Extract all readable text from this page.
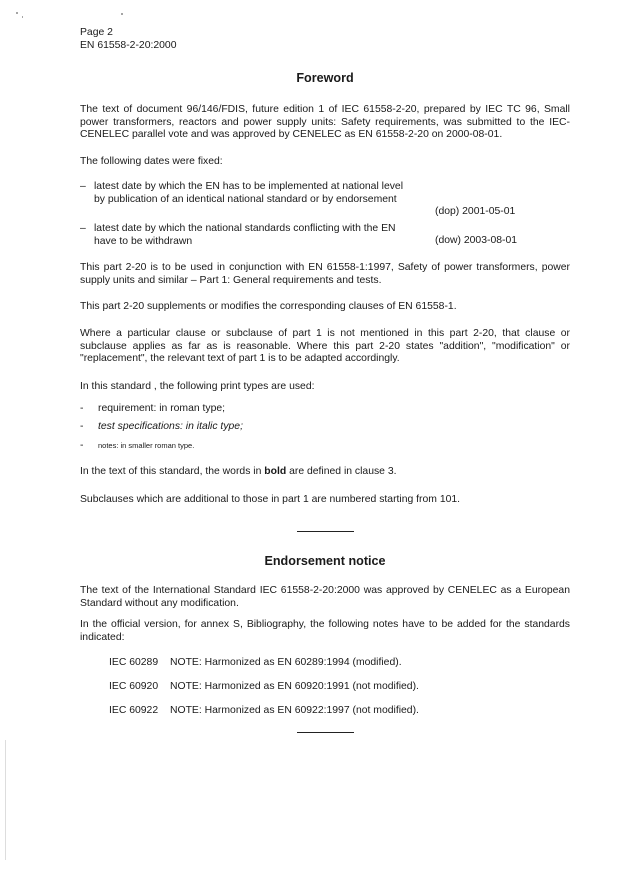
Page 2
EN 61558-2-20:2000
Foreword
The text of document 96/146/FDIS, future edition 1 of IEC 61558-2-20, prepared by IEC TC 96, Small power transformers, reactors and power supply units: Safety requirements, was submitted to the IEC-CENELEC parallel vote and was approved by CENELEC as EN 61558-2-20 on 2000-08-01.
The following dates were fixed:
– latest date by which the EN has to be implemented at national level by publication of an identical national standard or by endorsement
(dop) 2001-05-01
– latest date by which the national standards conflicting with the EN have to be withdrawn	(dow) 2003-08-01
This part 2-20 is to be used in conjunction with EN 61558-1:1997, Safety of power transformers, power supply units and similar – Part 1: General requirements and tests.
This part 2-20 supplements or modifies the corresponding clauses of EN 61558-1.
Where a particular clause or subclause of part 1 is not mentioned in this part 2-20, that clause or subclause applies as far as is reasonable. Where this part 2-20 states "addition", "modification" or "replacement", the relevant text of part 1 is to be adapted accordingly.
In this standard , the following print types are used:
- requirement: in roman type;
- test specifications: in italic type;
- notes: in smaller roman type.
In the text of this standard, the words in bold are defined in clause 3.
Subclauses which are additional to those in part 1 are numbered starting from 101.
Endorsement notice
The text of the International Standard IEC 61558-2-20:2000 was approved by CENELEC as a European Standard without any modification.
In the official version, for annex S, Bibliography, the following notes have to be added for the standards indicated:
IEC 60289 NOTE: Harmonized as EN 60289:1994 (modified).
IEC 60920 NOTE: Harmonized as EN 60920:1991 (not modified).
IEC 60922 NOTE: Harmonized as EN 60922:1997 (not modified).
